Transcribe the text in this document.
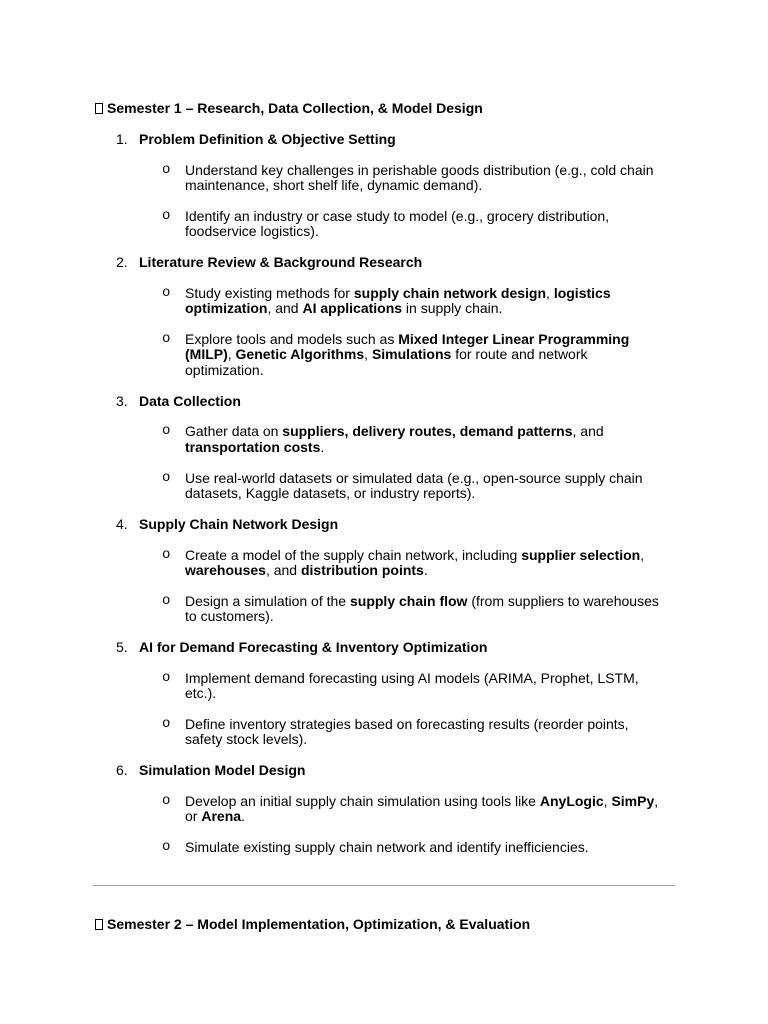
Semester 1 – Research, Data Collection, & Model Design
1. Problem Definition & Objective Setting
o Understand key challenges in perishable goods distribution (e.g., cold chain maintenance, short shelf life, dynamic demand).
o Identify an industry or case study to model (e.g., grocery distribution, foodservice logistics).
2. Literature Review & Background Research
o Study existing methods for supply chain network design, logistics optimization, and AI applications in supply chain.
o Explore tools and models such as Mixed Integer Linear Programming (MILP), Genetic Algorithms, Simulations for route and network optimization.
3. Data Collection
o Gather data on suppliers, delivery routes, demand patterns, and transportation costs.
o Use real-world datasets or simulated data (e.g., open-source supply chain datasets, Kaggle datasets, or industry reports).
4. Supply Chain Network Design
o Create a model of the supply chain network, including supplier selection, warehouses, and distribution points.
o Design a simulation of the supply chain flow (from suppliers to warehouses to customers).
5. AI for Demand Forecasting & Inventory Optimization
o Implement demand forecasting using AI models (ARIMA, Prophet, LSTM, etc.).
o Define inventory strategies based on forecasting results (reorder points, safety stock levels).
6. Simulation Model Design
o Develop an initial supply chain simulation using tools like AnyLogic, SimPy, or Arena.
o Simulate existing supply chain network and identify inefficiencies.
Semester 2 – Model Implementation, Optimization, & Evaluation
